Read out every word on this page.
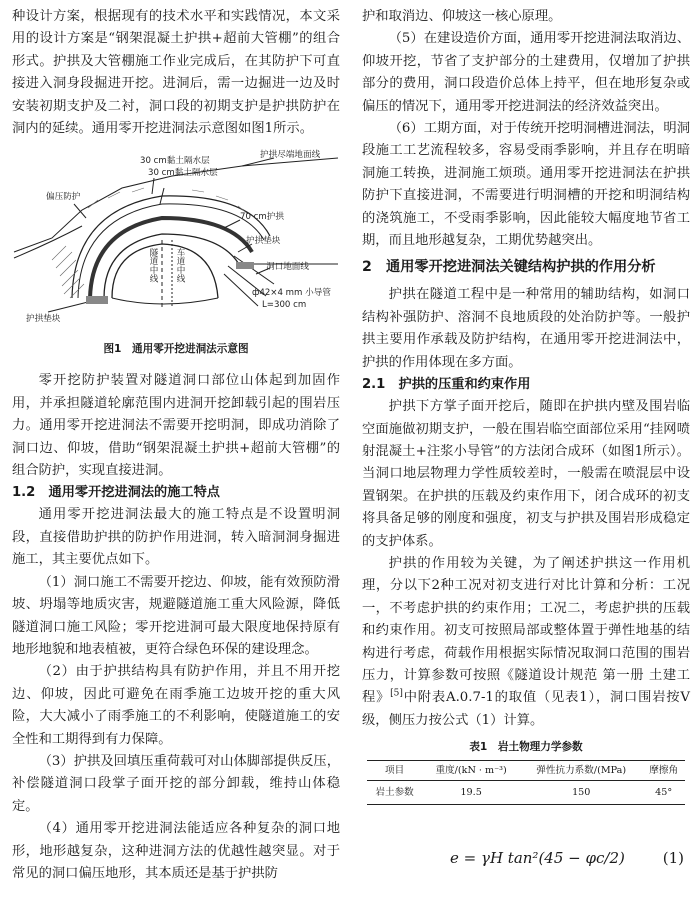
种设计方案，根据现有的技术水平和实践情况，本文采用的设计方案是“钢架混凝土护拱+超前大管棚”的组合形式。护拱及大管棚施工作业完成后，在其防护下可直接进入洞身段掘进开挖。进洞后，需一边掘进一边及时安装初期支护及二衬，洞口段的初期支护是护拱防护在洞内的延续。通用零开挖进洞法示意图如图1所示。

30 cm黏土隔水层
30 cm黏土隔水层
护拱尽端地面线
偏压防护
70 cm护拱
隧道中线 车道中线
护拱垫块
洞口地面线
ф42×4 mm 小导管
L=300 cm
护拱垫块
图1　通用零开挖进洞法示意图

零开挖防护装置对隧道洞口部位山体起到加固作用，并承担隧道轮廓范围内进洞开挖卸载引起的围岩压力。通用零开挖进洞法不需要开挖明洞，即成功消除了洞口边、仰坡，借助“钢架混凝土护拱+超前大管棚”的组合防护，实现直接进洞。

1.2　通用零开挖进洞法的施工特点

通用零开挖进洞法最大的施工特点是不设置明洞段，直接借助护拱的防护作用进洞，转入暗洞洞身掘进施工，其主要优点如下。

（1）洞口施工不需要开挖边、仰坡，能有效预防滑坡、坍塌等地质灾害，规避隧道施工重大风险源，降低隧道洞口施工风险；零开挖进洞可最大限度地保持原有地形地貌和地表植被，更符合绿色环保的建设理念。

（2）由于护拱结构具有防护作用，并且不用开挖边、仰坡，因此可避免在雨季施工边坡开挖的重大风险，大大减小了雨季施工的不利影响，使隧道施工的安全性和工期得到有力保障。

（3）护拱及回填压重荷载可对山体脚部提供反压，补偿隧道洞口段掌子面开挖的部分卸载，维持山体稳定。

（4）通用零开挖进洞法能适应各种复杂的洞口地形，地形越复杂，这种进洞方法的优越性越突显。对于常见的洞口偏压地形，其本质还是基于护拱防

护和取消边、仰坡这一核心原理。

（5）在建设造价方面，通用零开挖进洞法取消边、仰坡开挖，节省了支护部分的土建费用，仅增加了护拱部分的费用，洞口段造价总体上持平，但在地形复杂或偏压的情况下，通用零开挖进洞法的经济效益突出。

（6）工期方面，对于传统开挖明洞槽进洞法，明洞段施工工艺流程较多，容易受雨季影响，并且存在明暗洞施工转换，进洞施工烦琐。通用零开挖进洞法在护拱防护下直接进洞，不需要进行明洞槽的开挖和明洞结构的浇筑施工，不受雨季影响，因此能较大幅度地节省工期，而且地形越复杂，工期优势越突出。

2　通用零开挖进洞法关键结构护拱的作用分析

护拱在隧道工程中是一种常用的辅助结构，如洞口结构补强防护、溶洞不良地质段的处治防护等。一般护拱主要用作承载及防护结构，在通用零开挖进洞法中，护拱的作用体现在多方面。

2.1　护拱的压重和约束作用

护拱下方掌子面开挖后，随即在护拱内壁及围岩临空面施做初期支护，一般在围岩临空面部位采用“挂网喷射混凝土+注浆小导管”的方法闭合成环（如图1所示）。当洞口地层物理力学性质较差时，一般需在喷混层中设置钢架。在护拱的压载及约束作用下，闭合成环的初支将具备足够的刚度和强度，初支与护拱及围岩形成稳定的支护体系。

护拱的作用较为关键，为了阐述护拱这一作用机理，分以下2种工况对初支进行对比计算和分析：工况一，不考虑护拱的约束作用；工况二，考虑护拱的压载和约束作用。初支可按照局部或整体置于弹性地基的结构进行考虑，荷载作用根据实际情况取洞口范围的围岩压力，计算参数可按照《隧道设计规范 第一册 土建工程》[5]中附表A.0.7-1的取值（见表1），洞口围岩按V级，侧压力按公式（1）计算。

表1　岩土物理力学参数
项目	重度/(kN · m⁻³)	弹性抗力系数/(MPa)	摩擦角
岩土参数	19.5	150	45°
e = γH tan²(45 − φc/2)	(1)
